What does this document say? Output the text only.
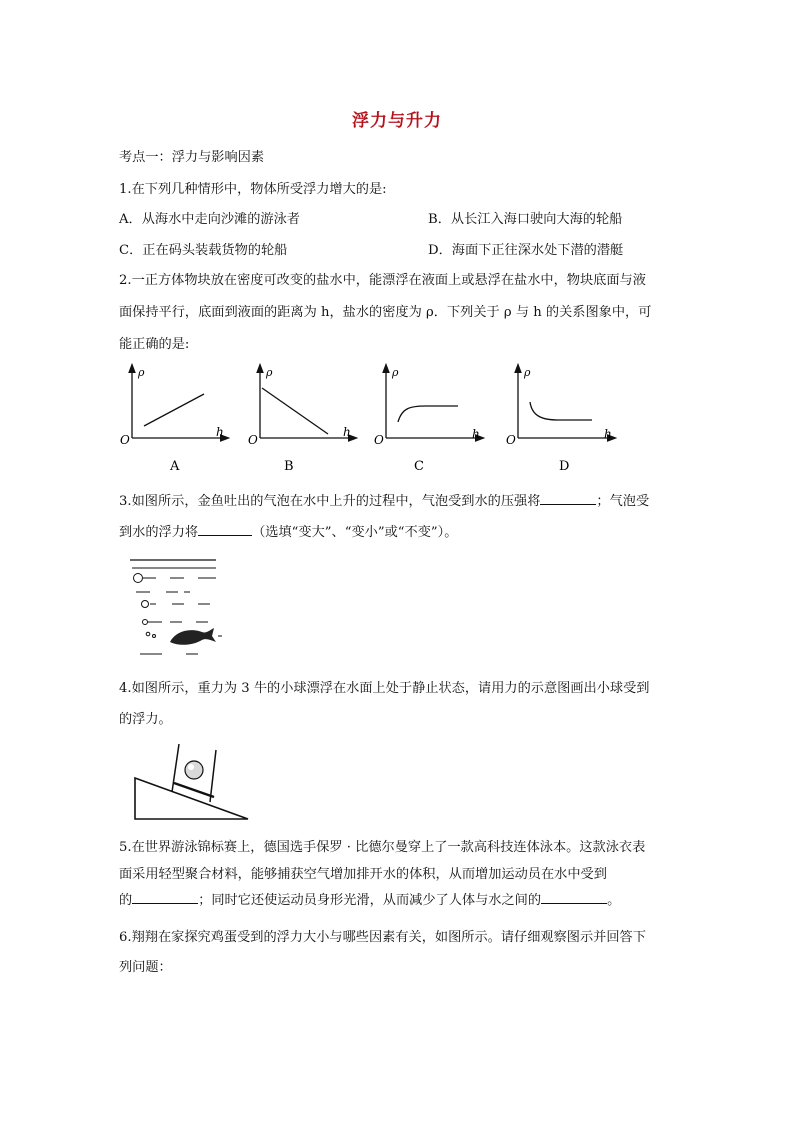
浮力与升力
考点一：浮力与影响因素
1.在下列几种情形中，物体所受浮力增大的是:
A．从海水中走向沙滩的游泳者	B．从长江入海口驶向大海的轮船
C．正在码头装载货物的轮船	D．海面下正往深水处下潜的潜艇
2.一正方体物块放在密度可改变的盐水中，能漂浮在液面上或悬浮在盐水中，物块底面与液
面保持平行，底面到液面的距离为 h，盐水的密度为 ρ．下列关于 ρ 与 h 的关系图象中，可
能正确的是:
ρ
h
O
A
ρ
h
O
B
ρ
h
O
C
ρ
h
O
D
3.如图所示，金鱼吐出的气泡在水中上升的过程中，气泡受到水的压强将	；气泡受
到水的浮力将	（选填“变大”、“变小”或“不变”）。
4.如图所示，重力为 3 牛的小球漂浮在水面上处于静止状态，请用力的示意图画出小球受到
的浮力。
5.在世界游泳锦标赛上，德国选手保罗 · 比德尔曼穿上了一款高科技连体泳本。这款泳衣表
面采用轻型聚合材料，能够捕获空气增加排开水的体积，从而增加运动员在水中受到
的	；同时它还使运动员身形光滑，从而减少了人体与水之间的	。
6.翔翔在家探究鸡蛋受到的浮力大小与哪些因素有关，如图所示。请仔细观察图示并回答下
列问题：
